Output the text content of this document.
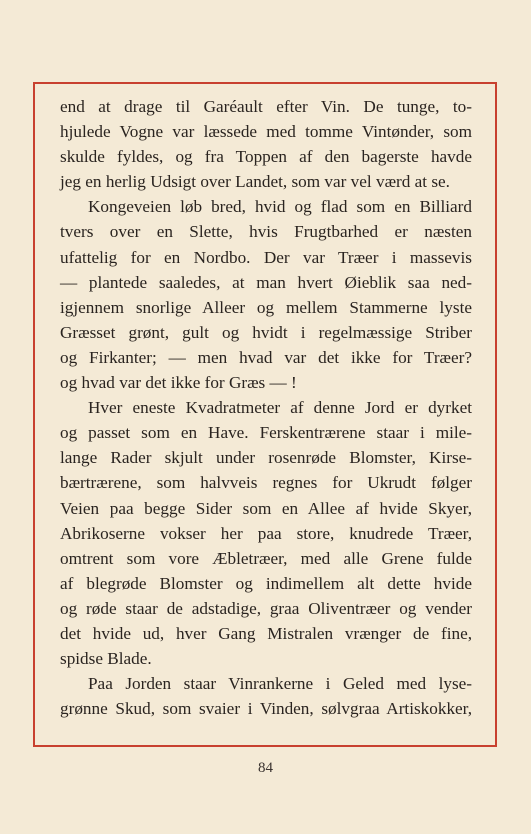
end at drage til Garéault efter Vin. De tunge, to-
hjulede Vogne var læssede med tomme Vintønder, som
skulde fyldes, og fra Toppen af den bagerste havde
jeg en herlig Udsigt over Landet, som var vel værd at se.
Kongeveien løb bred, hvid og flad som en Billiard
tvers over en Slette, hvis Frugtbarhed er næsten
ufattelig for en Nordbo. Der var Træer i massevis
— plantede saaledes, at man hvert Øieblik saa ned-
igjennem snorlige Alleer og mellem Stammerne lyste
Græsset grønt, gult og hvidt i regelmæssige Striber
og Firkanter; — men hvad var det ikke for Træer?
og hvad var det ikke for Græs — !
Hver eneste Kvadratmeter af denne Jord er dyrket
og passet som en Have. Ferskentrærene staar i mile-
lange Rader skjult under rosenrøde Blomster, Kirse-
bærtrærene, som halvveis regnes for Ukrudt følger
Veien paa begge Sider som en Allee af hvide Skyer,
Abrikoserne vokser her paa store, knudrede Træer,
omtrent som vore Æbletræer, med alle Grene fulde
af blegrøde Blomster og indimellem alt dette hvide
og røde staar de adstadige, graa Oliventræer og vender
det hvide ud, hver Gang Mistralen vrænger de fine,
spidse Blade.
Paa Jorden staar Vinrankerne i Geled med lyse-
grønne Skud, som svaier i Vinden, sølvgraa Artiskokker,
84
